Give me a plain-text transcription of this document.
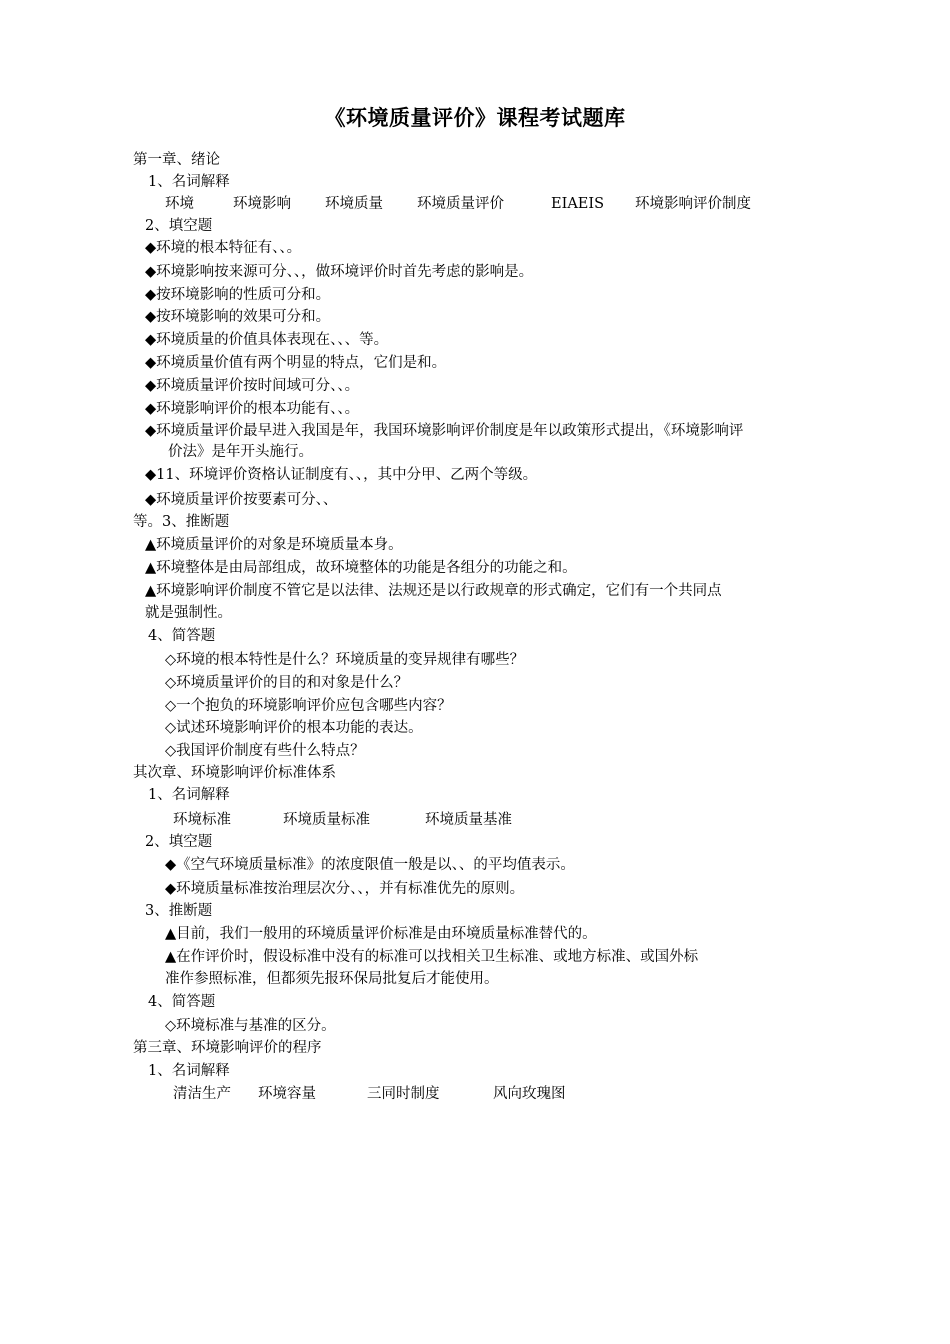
《环境质量评价》课程考试题库
第一章、绪论
1、名词解释
环境	环境影响 环境质量 环境质量评价	EIAEIS 环境影响评价制度
2、填空题
◆环境的根本特征有、、。
◆环境影响按来源可分、、，做环境评价时首先考虑的影响是。
◆按环境影响的性质可分和。
◆按环境影响的效果可分和。
◆环境质量的价值具体表现在、、、等。
◆环境质量价值有两个明显的特点，它们是和。
◆环境质量评价按时间域可分、、。
◆环境影响评价的根本功能有、、。
◆环境质量评价最早进入我国是年，我国环境影响评价制度是年以政策形式提出，《环境影响评
价法》是年开头施行。
◆11、环境评价资格认证制度有、、，其中分甲、乙两个等级。
◆环境质量评价按要素可分、、
等。3、推断题
▲环境质量评价的对象是环境质量本身。
▲环境整体是由局部组成，故环境整体的功能是各组分的功能之和。
▲环境影响评价制度不管它是以法律、法规还是以行政规章的形式确定，它们有一个共同点
就是强制性。
4、简答题
◇环境的根本特性是什么？环境质量的变异规律有哪些？
◇环境质量评价的目的和对象是什么？
◇一个抱负的环境影响评价应包含哪些内容？
◇试述环境影响评价的根本功能的表达。
◇我国评价制度有些什么特点？
其次章、环境影响评价标准体系
1、名词解释
环境标准	环境质量标准	环境质量基准
2、填空题
◆《空气环境质量标准》的浓度限值一般是以、、的平均值表示。
◆环境质量标准按治理层次分、、，并有标准优先的原则。
3、推断题
▲目前，我们一般用的环境质量评价标准是由环境质量标准替代的。
▲在作评价时，假设标准中没有的标准可以找相关卫生标准、或地方标准、或国外标
准作参照标准，但都须先报环保局批复后才能使用。
4、简答题
◇环境标准与基准的区分。
第三章、环境影响评价的程序
1、名词解释
清洁生产 环境容量	三同时制度	风向玫瑰图
